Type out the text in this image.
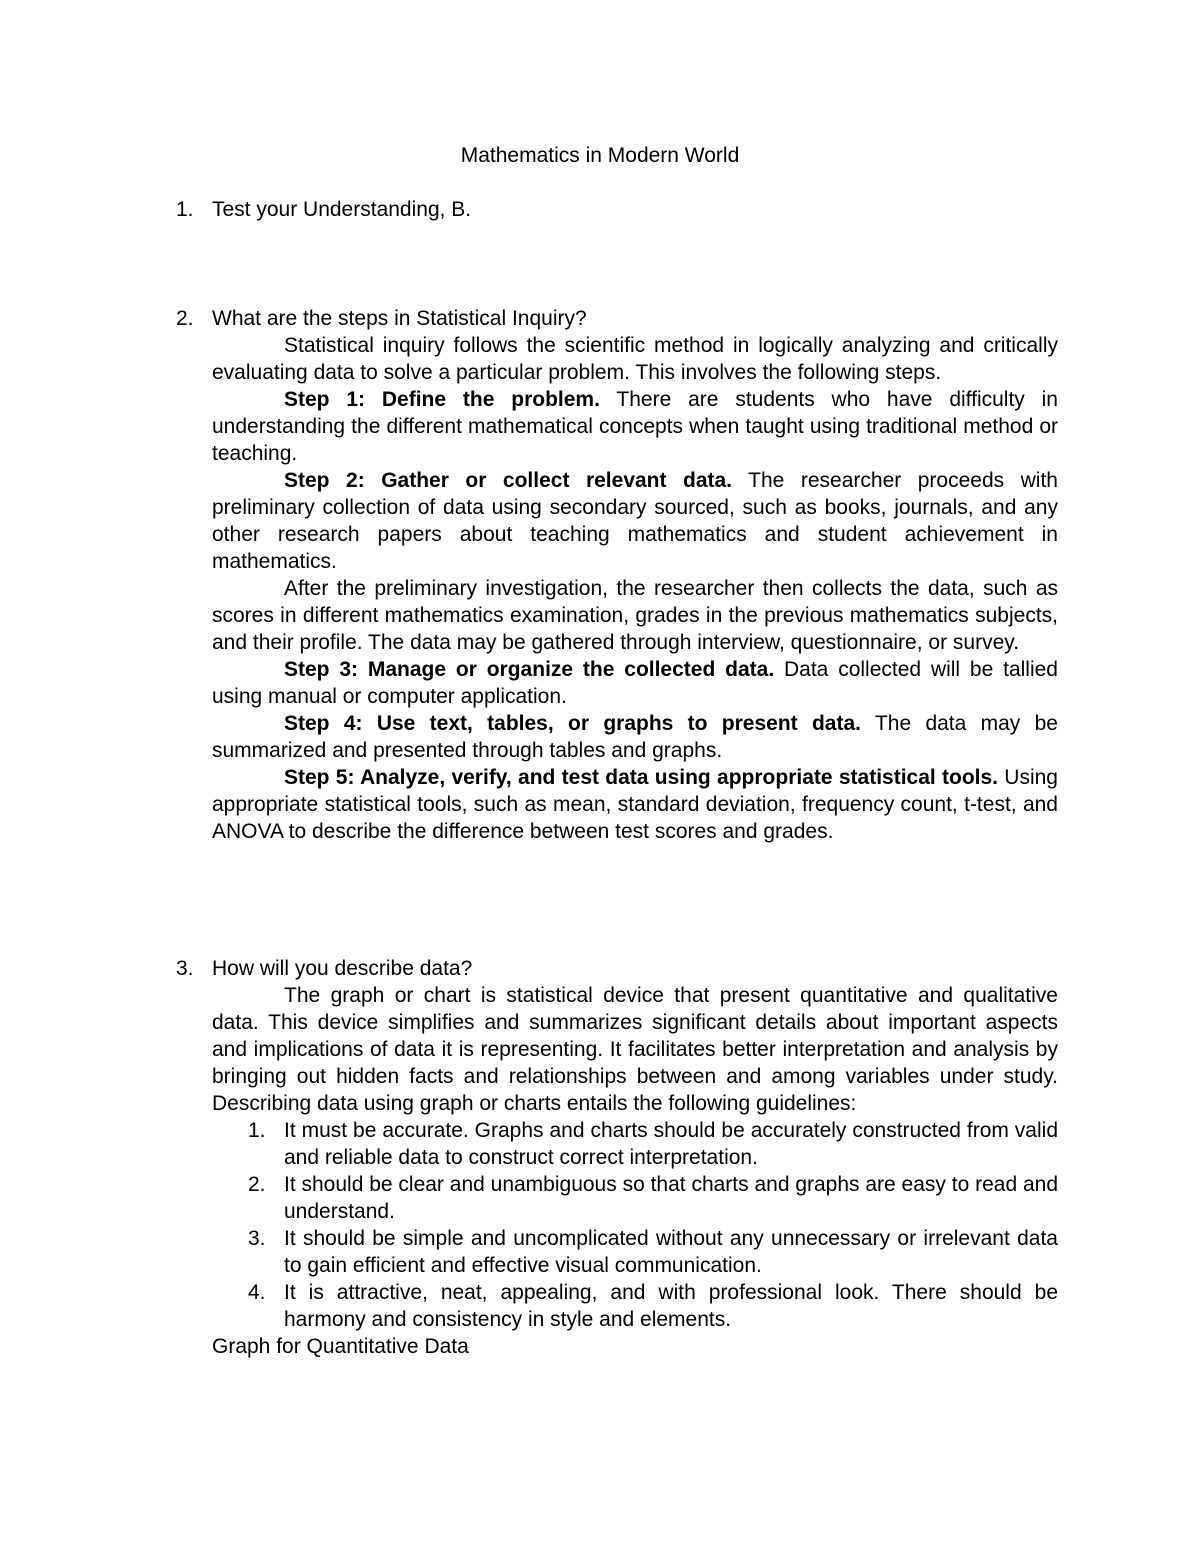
Mathematics in Modern World
1. Test your Understanding, B.
2. What are the steps in Statistical Inquiry?
Statistical inquiry follows the scientific method in logically analyzing and critically evaluating data to solve a particular problem. This involves the following steps.
Step 1: Define the problem. There are students who have difficulty in understanding the different mathematical concepts when taught using traditional method or teaching.
Step 2: Gather or collect relevant data. The researcher proceeds with preliminary collection of data using secondary sourced, such as books, journals, and any other research papers about teaching mathematics and student achievement in mathematics.
After the preliminary investigation, the researcher then collects the data, such as scores in different mathematics examination, grades in the previous mathematics subjects, and their profile. The data may be gathered through interview, questionnaire, or survey.
Step 3: Manage or organize the collected data. Data collected will be tallied using manual or computer application.
Step 4: Use text, tables, or graphs to present data. The data may be summarized and presented through tables and graphs.
Step 5: Analyze, verify, and test data using appropriate statistical tools. Using appropriate statistical tools, such as mean, standard deviation, frequency count, t-test, and ANOVA to describe the difference between test scores and grades.
3. How will you describe data?
The graph or chart is statistical device that present quantitative and qualitative data. This device simplifies and summarizes significant details about important aspects and implications of data it is representing. It facilitates better interpretation and analysis by bringing out hidden facts and relationships between and among variables under study. Describing data using graph or charts entails the following guidelines:
1. It must be accurate. Graphs and charts should be accurately constructed from valid and reliable data to construct correct interpretation.
2. It should be clear and unambiguous so that charts and graphs are easy to read and understand.
3. It should be simple and uncomplicated without any unnecessary or irrelevant data to gain efficient and effective visual communication.
4. It is attractive, neat, appealing, and with professional look. There should be harmony and consistency in style and elements.
Graph for Quantitative Data
